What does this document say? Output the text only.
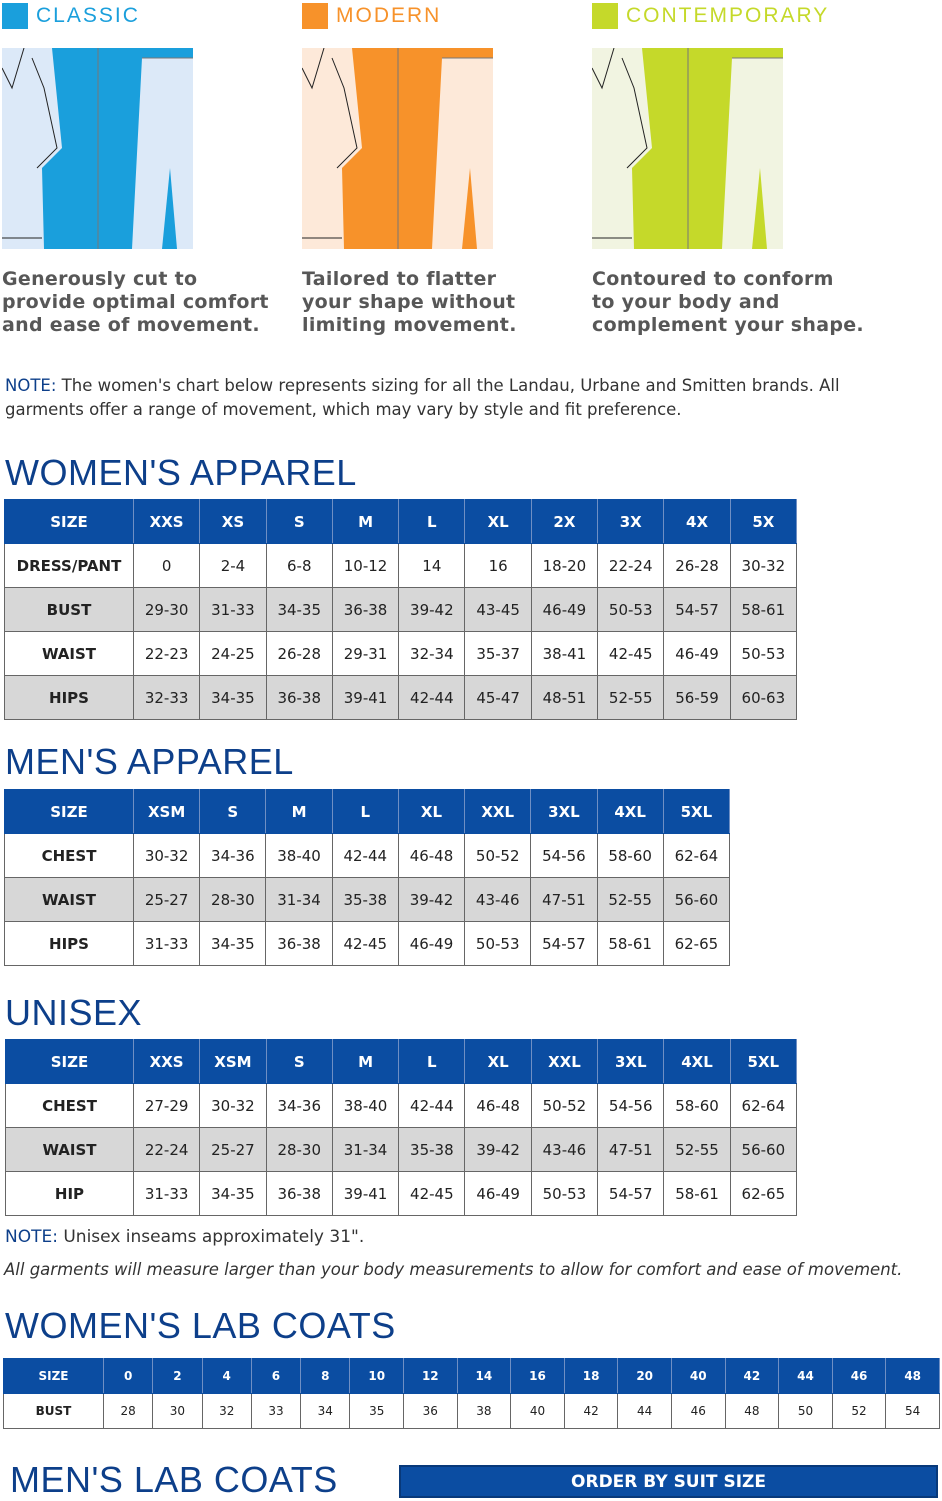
CLASSIC
Generously cut to
provide optimal comfort
and ease of movement.
MODERN
Tailored to flatter
your shape without
limiting movement.
CONTEMPORARY
Contoured to conform
to your body and
complement your shape.
NOTE: The women's chart below represents sizing for all the Landau, Urbane and Smitten brands. All garments offer a range of movement, which may vary by style and fit preference.
WOMEN'S APPAREL
SIZE	XXS	XS	S	M	L	XL	2X	3X	4X	5X
DRESS/PANT	0	2-4	6-8	10-12	14	16	18-20	22-24	26-28	30-32
BUST	29-30	31-33	34-35	36-38	39-42	43-45	46-49	50-53	54-57	58-61
WAIST	22-23	24-25	26-28	29-31	32-34	35-37	38-41	42-45	46-49	50-53
HIPS	32-33	34-35	36-38	39-41	42-44	45-47	48-51	52-55	56-59	60-63
MEN'S APPAREL
SIZE	XSM	S	M	L	XL	XXL	3XL	4XL	5XL
CHEST	30-32	34-36	38-40	42-44	46-48	50-52	54-56	58-60	62-64
WAIST	25-27	28-30	31-34	35-38	39-42	43-46	47-51	52-55	56-60
HIPS	31-33	34-35	36-38	42-45	46-49	50-53	54-57	58-61	62-65
UNISEX
SIZE	XXS	XSM	S	M	L	XL	XXL	3XL	4XL	5XL
CHEST	27-29	30-32	34-36	38-40	42-44	46-48	50-52	54-56	58-60	62-64
WAIST	22-24	25-27	28-30	31-34	35-38	39-42	43-46	47-51	52-55	56-60
HIP	31-33	34-35	36-38	39-41	42-45	46-49	50-53	54-57	58-61	62-65
NOTE: Unisex inseams approximately 31".
All garments will measure larger than your body measurements to allow for comfort and ease of movement.
WOMEN'S LAB COATS
SIZE	0	2	4	6	8	10	12	14	16	18	20	40	42	44	46	48
BUST	28	30	32	33	34	35	36	38	40	42	44	46	48	50	52	54
MEN'S LAB COATS	ORDER BY SUIT SIZE
